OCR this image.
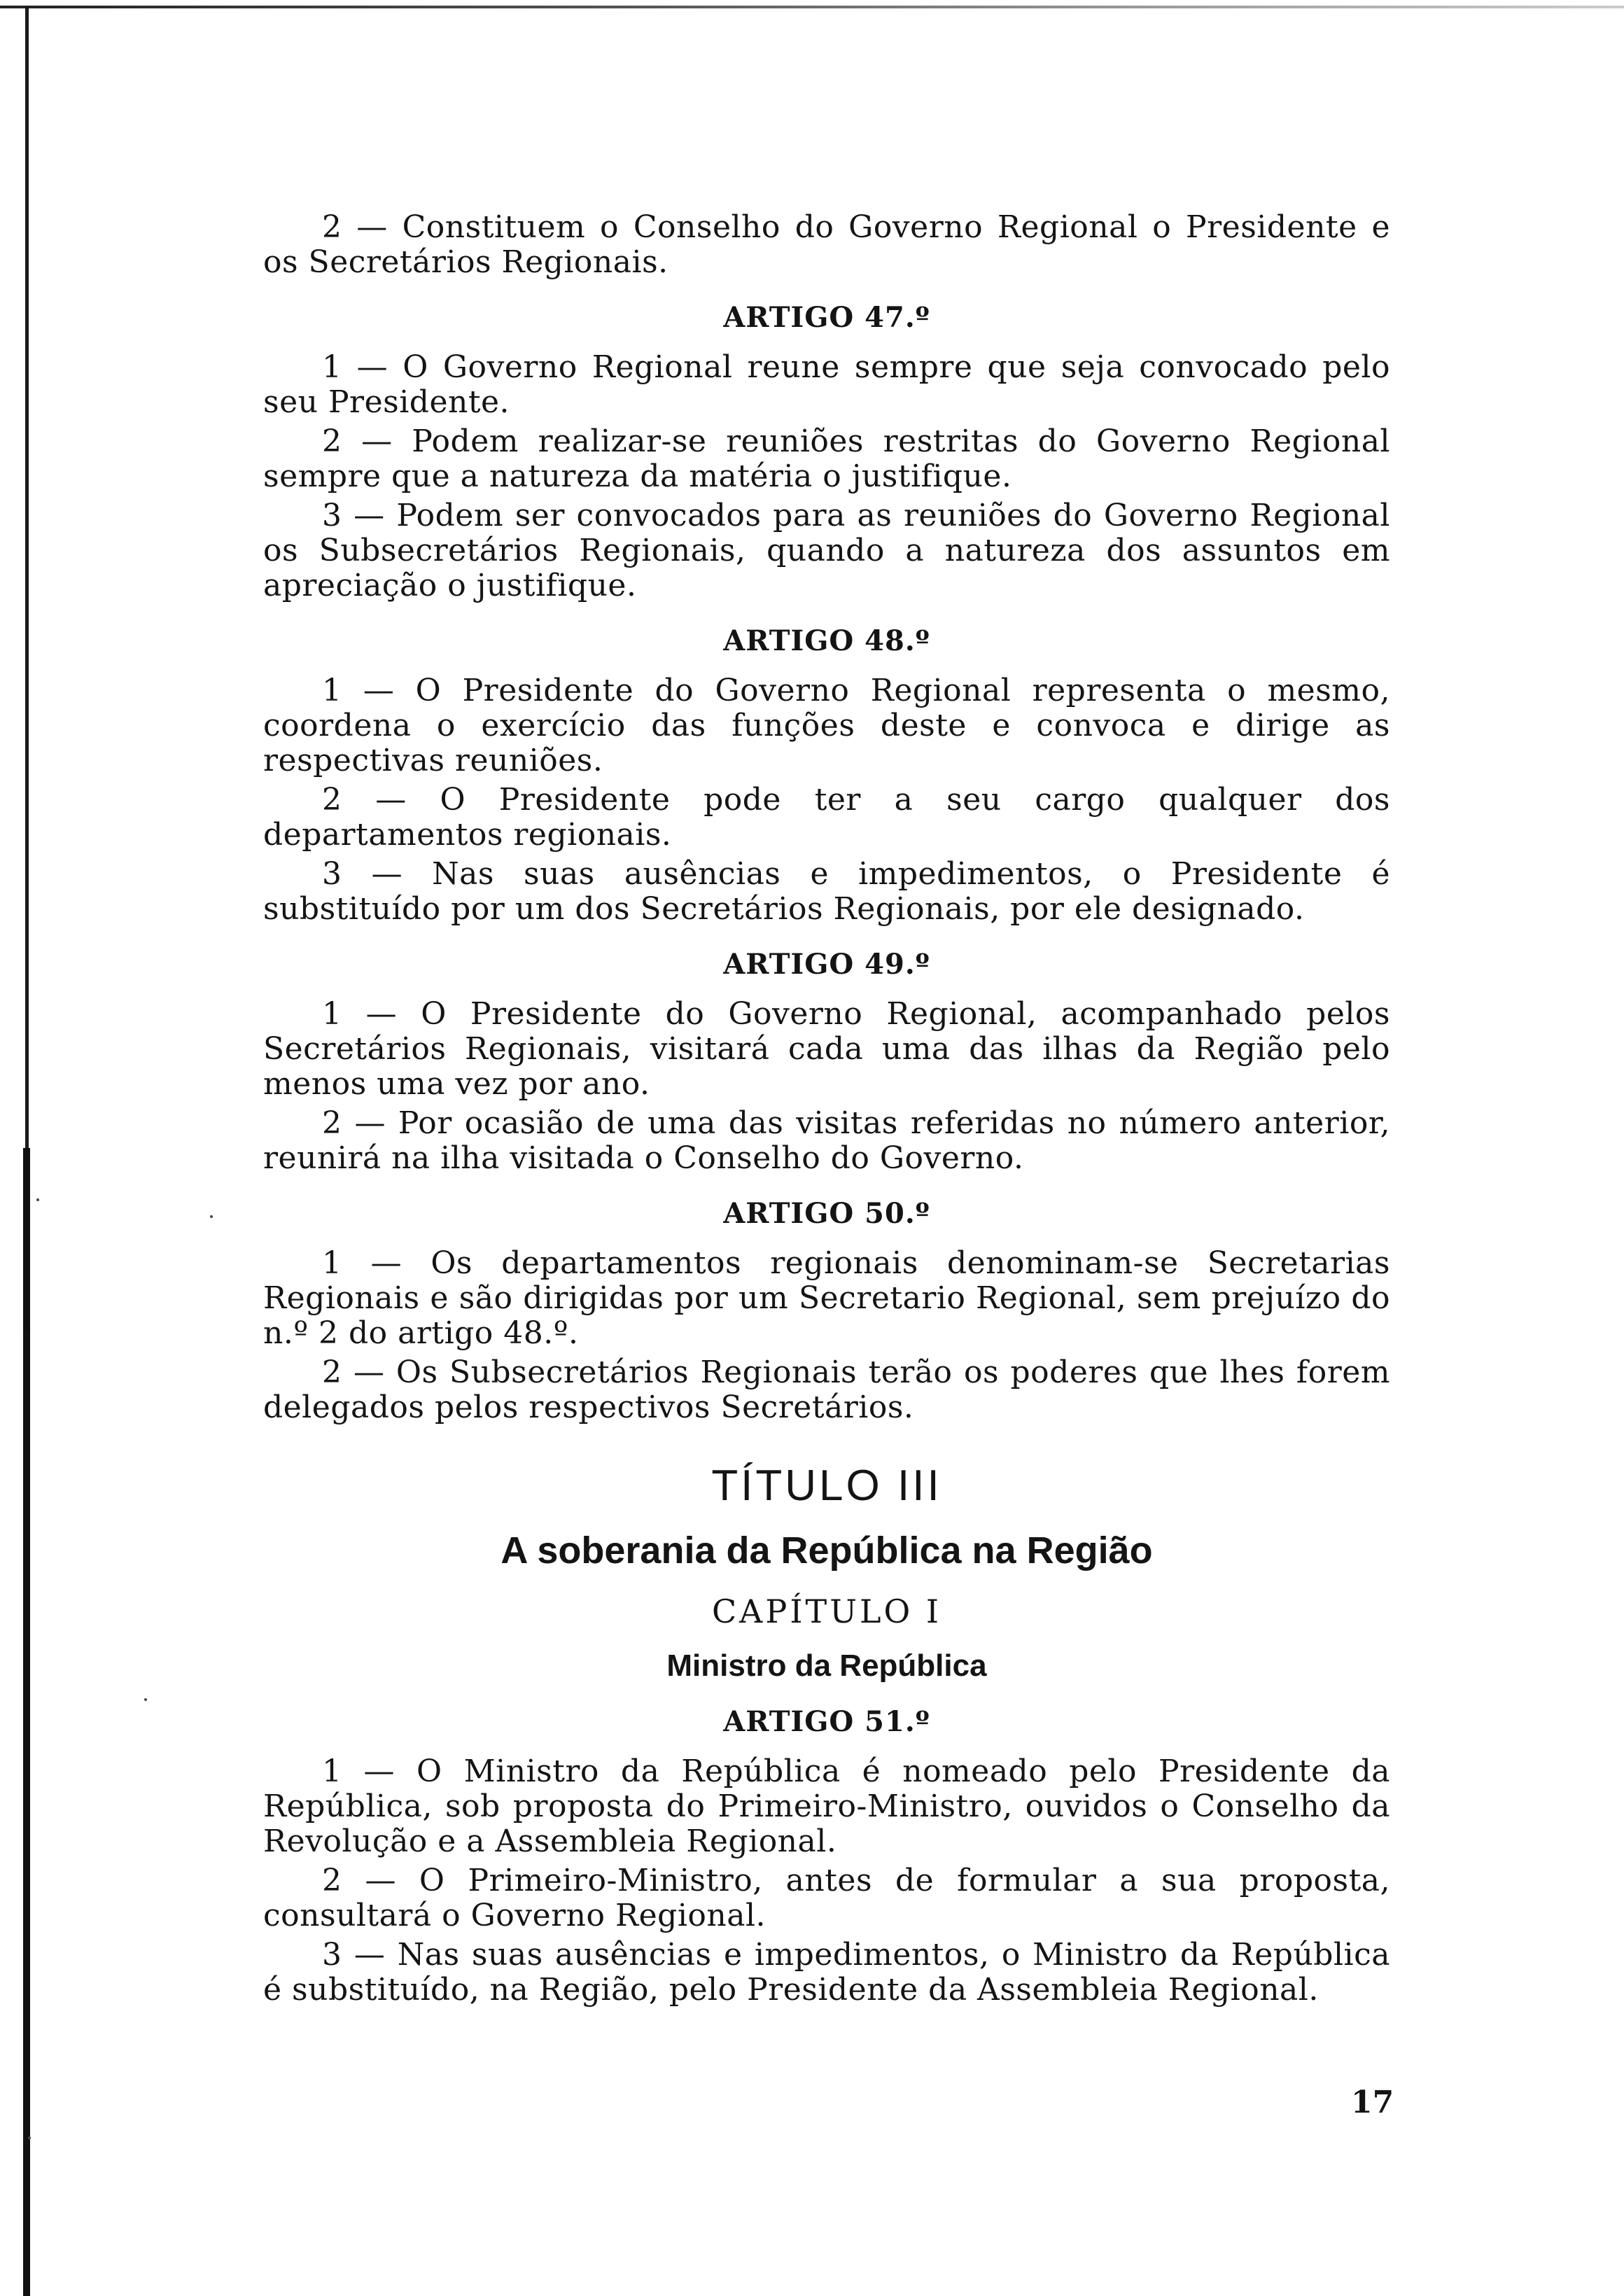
2 — Constituem o Conselho do Governo Regional o Presidente e os Secretários Regionais.

ARTIGO 47.º

1 — O Governo Regional reune sempre que seja convocado pelo seu Presidente.

2 — Podem realizar-se reuniões restritas do Governo Regional sempre que a natureza da matéria o justifique.

3 — Podem ser convocados para as reuniões do Governo Regional os Subsecretários Regionais, quando a natureza dos assuntos em apreciação o justifique.

ARTIGO 48.º

1 — O Presidente do Governo Regional representa o mesmo, coordena o exercício das funções deste e convoca e dirige as respectivas reuniões.

2 — O Presidente pode ter a seu cargo qualquer dos departamentos regionais.

3 — Nas suas ausências e impedimentos, o Presidente é substituído por um dos Secretários Regionais, por ele designado.

ARTIGO 49.º

1 — O Presidente do Governo Regional, acompanhado pelos Secretários Regionais, visitará cada uma das ilhas da Região pelo menos uma vez por ano.

2 — Por ocasião de uma das visitas referidas no número anterior, reunirá na ilha visitada o Conselho do Governo.

ARTIGO 50.º

1 — Os departamentos regionais denominam-se Secretarias Regionais e são dirigidas por um Secretario Regional, sem prejuízo do n.º 2 do artigo 48.º.

2 — Os Subsecretários Regionais terão os poderes que lhes forem delegados pelos respectivos Secretários.

TÍTULO III
A soberania da República na Região
CAPÍTULO I
Ministro da República
ARTIGO 51.º

1 — O Ministro da República é nomeado pelo Presidente da República, sob proposta do Primeiro-Ministro, ouvidos o Conselho da Revolução e a Assembleia Regional.

2 — O Primeiro-Ministro, antes de formular a sua proposta, consultará o Governo Regional.

3 — Nas suas ausências e impedimentos, o Ministro da República é substituído, na Região, pelo Presidente da Assembleia Regional.

17
